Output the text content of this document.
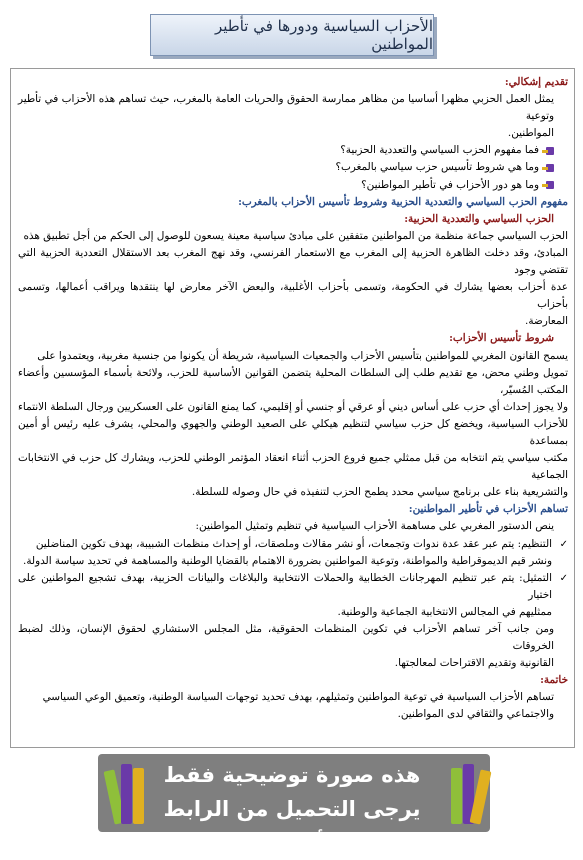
الأحزاب السياسية ودورها في تأطير المواطنين
تقديم إشكالي:

يمثل العمل الحزبي مظهرا أساسيا من مظاهر ممارسة الحقوق والحريات العامة بالمغرب، حيث تساهم هذه الأحزاب في تأطير وتوعية

المواطنين.

فما مفهوم الحزب السياسي والتعددية الحزبية؟
وما هي شروط تأسيس حزب سياسي بالمغرب؟
وما هو دور الأحزاب في تأطير المواطنين؟
مفهوم الحزب السياسي والتعددية الحزبية وشروط تأسيس الأحزاب بالمغرب:
الحزب السياسي والتعددية الحزبية:

الحزب السياسي جماعة منظمة من المواطنين متفقين على مبادئ سياسية معينة يسعون للوصول إلى الحكم من أجل تطبيق هذه

المبادئ، وقد دخلت الظاهرة الحزبية إلى المغرب مع الاستعمار الفرنسي، وقد نهج المغرب بعد الاستقلال التعددية الحزبية التي تقتضي وجود

عدة أحزاب بعضها يشارك في الحكومة، وتسمى بأحزاب الأغلبية، والبعض الآخر معارض لها ينتقدها ويراقب أعمالها، وتسمى بأحزاب

المعارضة.

شروط تأسيس الأحزاب:

يسمح القانون المغربي للمواطنين بتأسيس الأحزاب والجمعيات السياسية، شريطة أن يكونوا من جنسية مغربية، ويعتمدوا على

تمويل وطني محض، مع تقديم طلب إلى السلطات المحلية يتضمن القوانين الأساسية للحزب، ولائحة بأسماء المؤسسين وأعضاء المكتب المُسيّر،

ولا يجوز إحداث أي حزب على أساس ديني أو عرقي أو جنسي أو إقليمي، كما يمنع القانون على العسكريين ورجال السلطة الانتماء

للأحزاب السياسية، ويخضع كل حزب سياسي لتنظيم هيكلي على الصعيد الوطني والجهوي والمحلي، يشرف عليه رئيس أو أمين بمساعدة

مكتب سياسي يتم انتخابه من قبل ممثلي جميع فروع الحزب أثناء انعقاد المؤتمر الوطني للحزب، ويشارك كل حزب في الانتخابات الجماعية

والتشريعية بناء على برنامج سياسي محدد يطمح الحزب لتنفيذه في حال وصوله للسلطة.

تساهم الأحزاب في تأطير المواطنين:

ينص الدستور المغربي على مساهمة الأحزاب السياسية في تنظيم وتمثيل المواطنين:

✓

التنظيم: يتم عبر عقد عدة ندوات وتجمعات، أو نشر مقالات وملصقات، أو إحداث منظمات الشبيبة، بهدف تكوين المناضلين

ونشر قيم الديموقراطية والمواطنة، وتوعية المواطنين بضرورة الاهتمام بالقضايا الوطنية والمساهمة في تحديد سياسة الدولة.

✓

التمثيل: يتم عبر تنظيم المهرجانات الخطابية والحملات الانتخابية والبلاغات والبيانات الحزبية، بهدف تشجيع المواطنين على اختيار

ممثليهم في المجالس الانتخابية الجماعية والوطنية.

ومن جانب آخر تساهم الأحزاب في تكوين المنظمات الحقوقية، مثل المجلس الاستشاري لحقوق الإنسان، وذلك لضبط الخروقات

القانونية وتقديم الاقتراحات لمعالجتها.

خاتمة:

تساهم الأحزاب السياسية في توعية المواطنين وتمثيلهم، بهدف تحديد توجهات السياسة الوطنية، وتعميق الوعي السياسي

والاجتماعي والثقافي لدى المواطنين.

هذه صورة توضيحية فقط
يرجى التحميل من الرابط أسفله
